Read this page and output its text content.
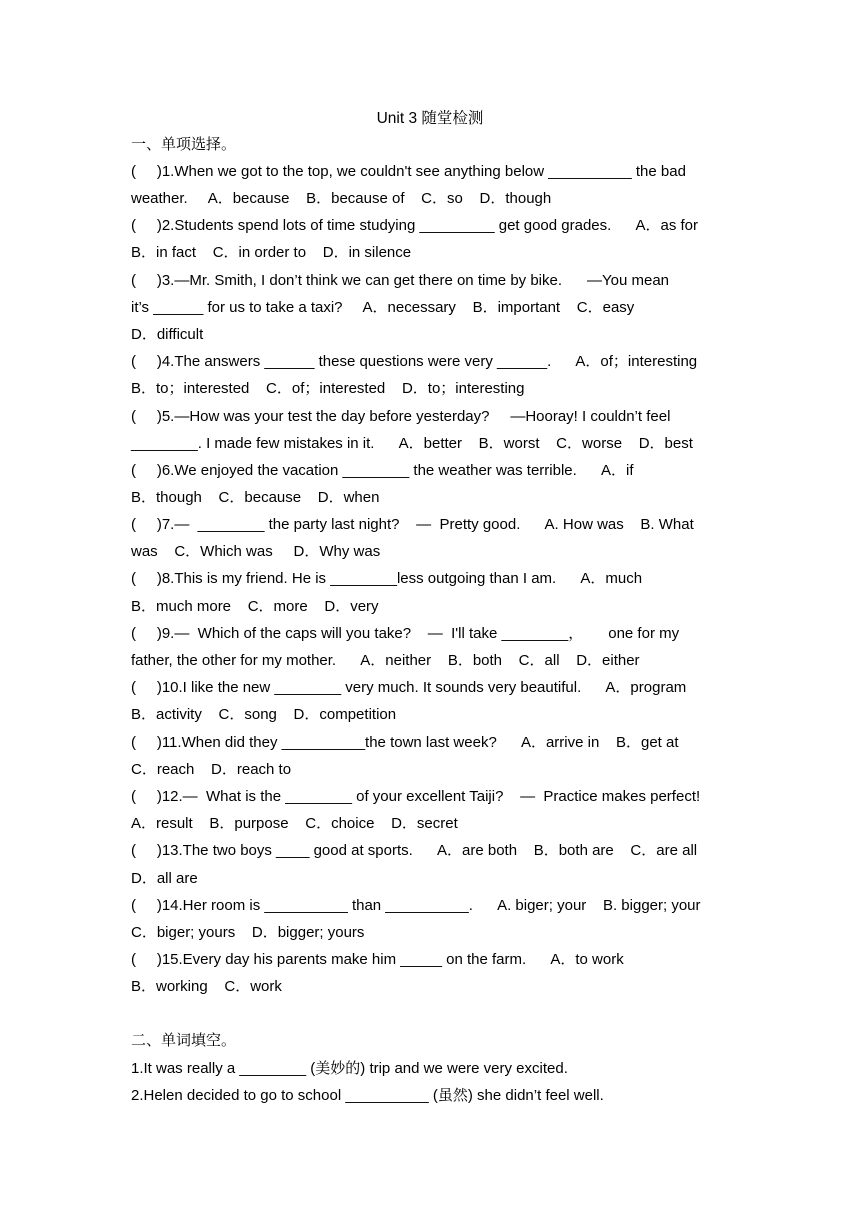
Unit 3 随堂检测
一、单项选择。
(     )1.When we got to the top, we couldn't see anything below __________ the bad
weather.     A．because    B．because of    C．so    D．though
(     )2.Students spend lots of time studying _________ get good grades.      A．as for
B．in fact    C．in order to    D．in silence
(     )3.—Mr. Smith, I don’t think we can get there on time by bike.      —You mean
it’s ______ for us to take a taxi?     A．necessary    B．important    C．easy
D．difficult
(     )4.The answers ______ these questions were very ______.      A．of；interesting
B．to；interested    C．of；interested    D．to；interesting
(     )5.—How was your test the day before yesterday?     —Hooray! I couldn’t feel
________. I made few mistakes in it.      A．better    B．worst    C．worse    D．best
(     )6.We enjoyed the vacation ________ the weather was terrible.      A．if
B．though    C．because    D．when
(     )7.—  ________ the party last night?    —  Pretty good.      A. How was    B. What
was    C．Which was     D．Why was
(     )8.This is my friend. He is ________less outgoing than I am.      A．much
B．much more    C．more    D．very
(     )9.—  Which of the caps will you take?    —  I'll take ________，      one for my
father, the other for my mother.      A．neither    B．both    C．all    D．either
(     )10.I like the new ________ very much. It sounds very beautiful.      A．program
B．activity    C．song    D．competition
(     )11.When did they __________the town last week?      A．arrive in    B．get at
C．reach    D．reach to
(     )12.—  What is the ________ of your excellent Taiji?    —  Practice makes perfect!
A．result    B．purpose    C．choice    D．secret
(     )13.The two boys ____ good at sports.      A．are both    B．both are    C．are all
D．all are
(     )14.Her room is __________ than __________.      A. biger; your    B. bigger; your
C．biger; yours    D．bigger; yours
(     )15.Every day his parents make him _____ on the farm.      A．to work
B．working    C．work
二、单词填空。
1.It was really a ________ (美妙的) trip and we were very excited.
2.Helen decided to go to school __________ (虽然) she didn’t feel well.
